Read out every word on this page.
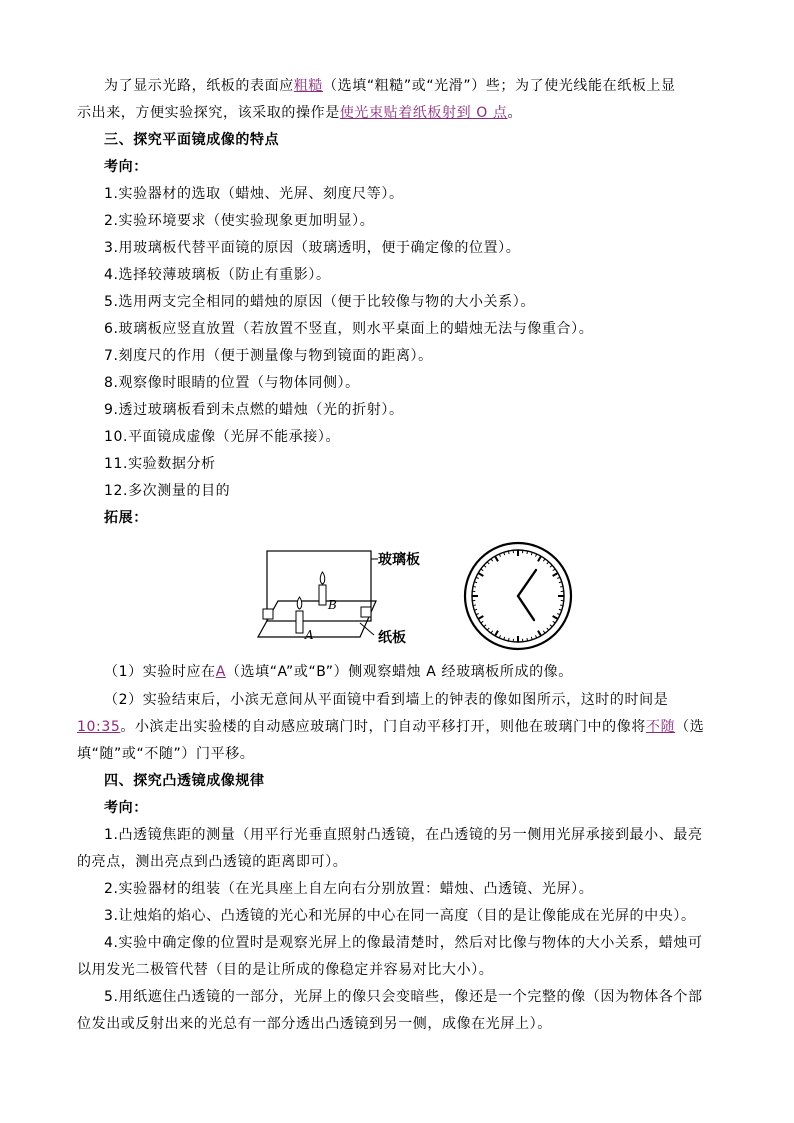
为了显示光路，纸板的表面应粗糙（选填“粗糙”或“光滑”）些；为了使光线能在纸板上显
示出来，方便实验探究，该采取的操作是使光束贴着纸板射到 O 点。
三、探究平面镜成像的特点
考向：
1.实验器材的选取（蜡烛、光屏、刻度尺等）。
2.实验环境要求（使实验现象更加明显）。
3.用玻璃板代替平面镜的原因（玻璃透明，便于确定像的位置）。
4.选择较薄玻璃板（防止有重影）。
5.选用两支完全相同的蜡烛的原因（便于比较像与物的大小关系）。
6.玻璃板应竖直放置（若放置不竖直，则水平桌面上的蜡烛无法与像重合）。
7.刻度尺的作用（便于测量像与物到镜面的距离）。
8.观察像时眼睛的位置（与物体同侧）。
9.透过玻璃板看到未点燃的蜡烛（光的折射）。
10.平面镜成虚像（光屏不能承接）。
11.实验数据分析
12.多次测量的目的
拓展：
B
A
玻璃板
纸板
（1）实验时应在A（选填“A”或“B”）侧观察蜡烛 A 经玻璃板所成的像。
（2）实验结束后，小滨无意间从平面镜中看到墙上的钟表的像如图所示，这时的时间是
10:35。小滨走出实验楼的自动感应玻璃门时，门自动平移打开，则他在玻璃门中的像将不随（选
填“随”或“不随”）门平移。
四、探究凸透镜成像规律
考向：
1.凸透镜焦距的测量（用平行光垂直照射凸透镜，在凸透镜的另一侧用光屏承接到最小、最亮
的亮点，测出亮点到凸透镜的距离即可）。
2.实验器材的组装（在光具座上自左向右分别放置：蜡烛、凸透镜、光屏）。
3.让烛焰的焰心、凸透镜的光心和光屏的中心在同一高度（目的是让像能成在光屏的中央）。
4.实验中确定像的位置时是观察光屏上的像最清楚时，然后对比像与物体的大小关系，蜡烛可
以用发光二极管代替（目的是让所成的像稳定并容易对比大小）。
5.用纸遮住凸透镜的一部分，光屏上的像只会变暗些，像还是一个完整的像（因为物体各个部
位发出或反射出来的光总有一部分透出凸透镜到另一侧，成像在光屏上）。
